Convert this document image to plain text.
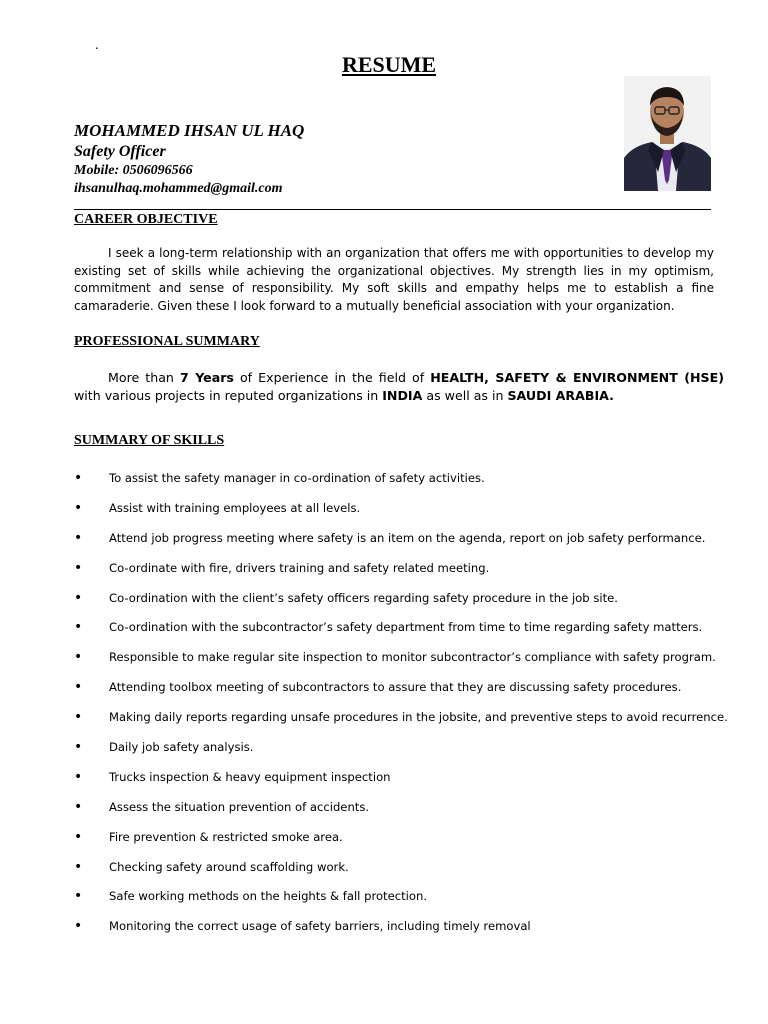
.
RESUME
MOHAMMED IHSAN UL HAQ
Safety Officer
Mobile: 0506096566
ihsanulhaq.mohammed@gmail.com
CAREER OBJECTIVE
I seek a long-term relationship with an organization that offers me with opportunities to develop my existing set of skills while achieving the organizational objectives. My strength lies in my optimism, commitment and sense of responsibility. My soft skills and empathy helps me to establish a fine camaraderie. Given these I look forward to a mutually beneficial association with your organization.
PROFESSIONAL SUMMARY
More than 7 Years of Experience in the field of HEALTH, SAFETY & ENVIRONMENT (HSE) with various projects in reputed organizations in INDIA as well as in SAUDI ARABIA.
SUMMARY OF SKILLS
• To assist the safety manager in co-ordination of safety activities.
• Assist with training employees at all levels.
• Attend job progress meeting where safety is an item on the agenda, report on job safety performance.
• Co-ordinate with fire, drivers training and safety related meeting.
• Co-ordination with the client’s safety officers regarding safety procedure in the job site.
• Co-ordination with the subcontractor’s safety department from time to time regarding safety matters.
• Responsible to make regular site inspection to monitor subcontractor’s compliance with safety program.
• Attending toolbox meeting of subcontractors to assure that they are discussing safety procedures.
• Making daily reports regarding unsafe procedures in the jobsite, and preventive steps to avoid recurrence.
• Daily job safety analysis.
• Trucks inspection & heavy equipment inspection
• Assess the situation prevention of accidents.
• Fire prevention & restricted smoke area.
• Checking safety around scaffolding work.
• Safe working methods on the heights & fall protection.
• Monitoring the correct usage of safety barriers, including timely removal
